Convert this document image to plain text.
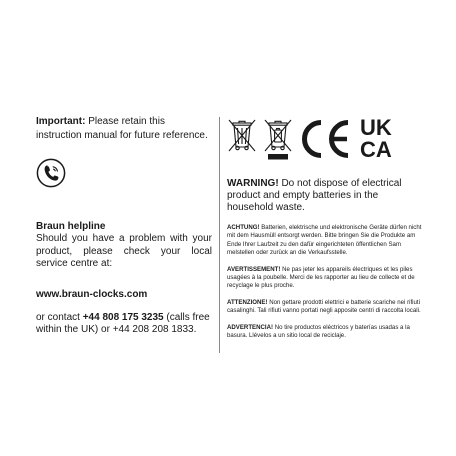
Important: Please retain this instruction manual for future reference.

Braun helpline

Should you have a problem with your product, please check your local service centre at:

www.braun-clocks.com

or contact +44 808 175 3235 (calls free within the UK) or +44 208 208 1833.

UK
CA
WARNING! Do not dispose of electrical product and empty batteries in the household waste.
ACHTUNG! Batterien, elektrische und elektronische Geräte dürfen nicht mit dem Hausmüll entsorgt werden. Bitte bringen Sie die Produkte am Ende Ihrer Laufzeit zu den dafür eingerichteten öffentlichen Sam melstellen oder zurück an die Verkaufsstelle.
AVERTISSEMENT! Ne pas jeter les appareils électriques et les piles usagées à la poubelle. Merci de les rapporter au lieu de collecte et de recyclage le plus proche.
ATTENZIONE! Non gettare prodotti elettrici e batterie scariche nei rifiuti casalinghi. Tali rifiuti vanno portati negli apposite centri di raccolta locali.
ADVERTENCIA! No tire productos eléctricos y baterías usadas a la basura. Llévelos a un sitio local de reciclaje.
